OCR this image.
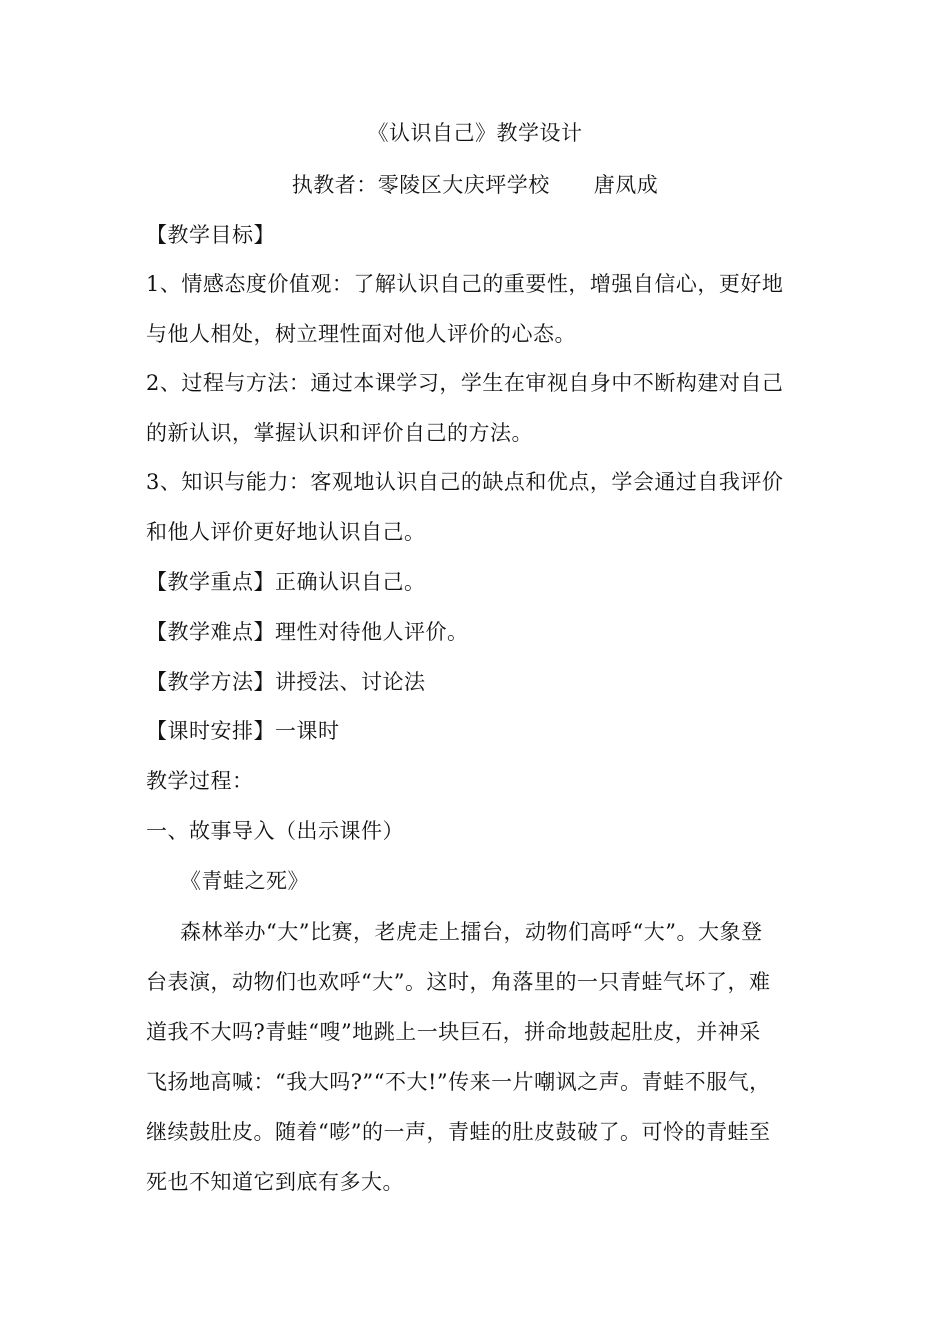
《认识自己》教学设计
执教者：零陵区大庆坪学校 唐凤成
【教学目标】
1、情感态度价值观：了解认识自己的重要性，增强自信心，更好地
与他人相处，树立理性面对他人评价的心态。
2、过程与方法：通过本课学习，学生在审视自身中不断构建对自己
的新认识，掌握认识和评价自己的方法。
3、知识与能力：客观地认识自己的缺点和优点，学会通过自我评价
和他人评价更好地认识自己。
【教学重点】正确认识自己。
【教学难点】理性对待他人评价。
【教学方法】讲授法、讨论法
【课时安排】一课时
教学过程：
一、故事导入（出示课件）
《青蛙之死》
森林举办“大”比赛，老虎走上擂台，动物们高呼“大”。大象登
台表演，动物们也欢呼“大”。这时，角落里的一只青蛙气坏了，难
道我不大吗?青蛙“嗖”地跳上一块巨石，拼命地鼓起肚皮，并神采
飞扬地高喊：“我大吗?”“不大!”传来一片嘲讽之声。青蛙不服气，
继续鼓肚皮。随着“嘭”的一声，青蛙的肚皮鼓破了。可怜的青蛙至
死也不知道它到底有多大。
